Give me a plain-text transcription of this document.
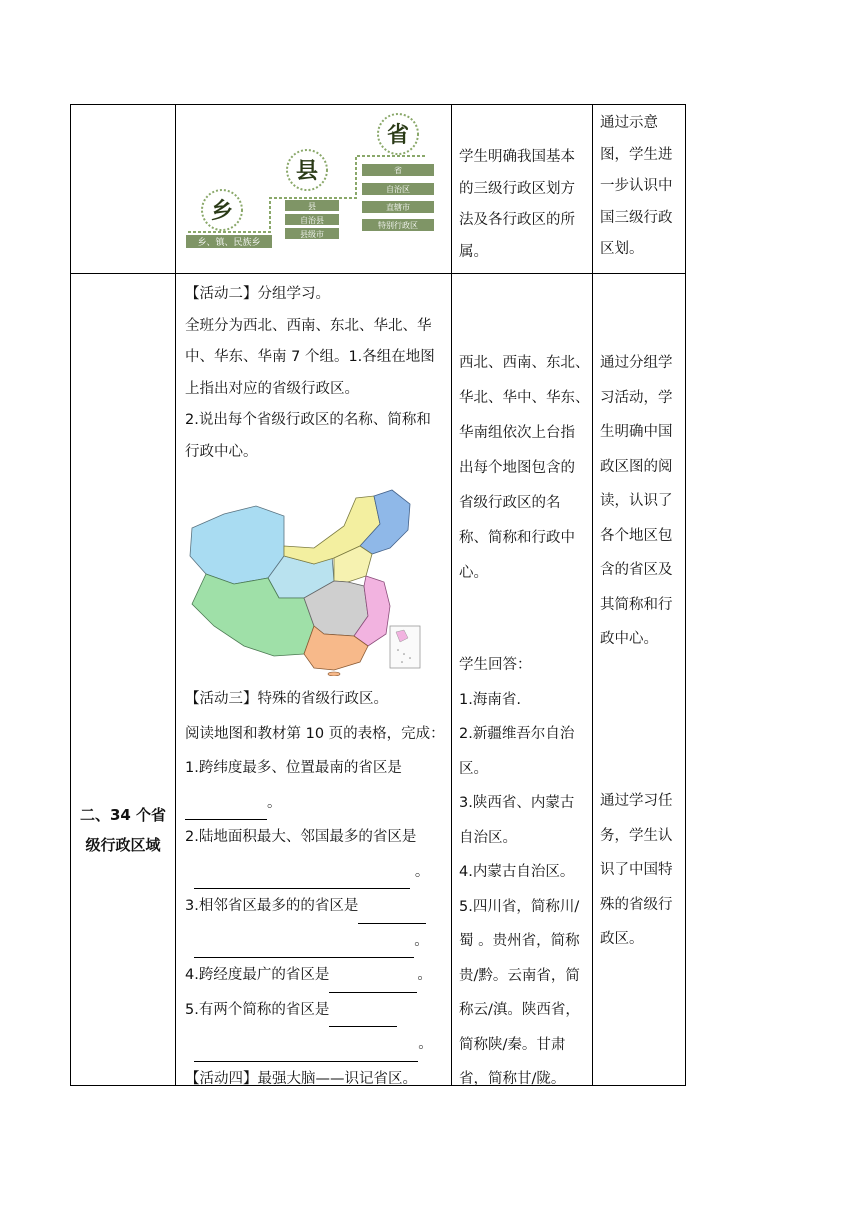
乡
乡、镇、民族乡
县
县
自治县
县级市
省
省
自治区
直辖市
特别行政区

学生明确我国基本

的三级行政区划方

法及各行政区的所

属。

通过示意

图，学生进

一步认识中

国三级行政

区划。

二、34 个省

级行政区域

【活动二】分组学习。

全班分为西北、西南、东北、华北、华

中、华东、华南 7 个组。1.各组在地图

上指出对应的省级行政区。

2.说出每个省级行政区的名称、简称和

行政中心。

【活动三】特殊的省级行政区。

阅读地图和教材第 10 页的表格，完成：

1.跨纬度最多、位置最南的省区是

。

2.陆地面积最大、邻国最多的省区是

。

3.相邻省区最多的的省区是

。

4.跨经度最广的省区是	。

5.有两个简称的省区是

。

【活动四】最强大脑——识记省区。

西北、西南、东北、

华北、华中、华东、

华南组依次上台指

出每个地图包含的

省级行政区的名

称、简称和行政中

心。

学生回答：

1.海南省.

2.新疆维吾尔自治

区。

3.陕西省、内蒙古

自治区。

4.内蒙古自治区。

5.四川省，简称川/

蜀 。贵州省，简称

贵/黔。云南省，简

称云/滇。陕西省，

简称陕/秦。甘肃

省，简称甘/陇。

通过分组学

习活动，学

生明确中国

政区图的阅

读，认识了

各个地区包

含的省区及

其简称和行

政中心。

通过学习任

务，学生认

识了中国特

殊的省级行

政区。
